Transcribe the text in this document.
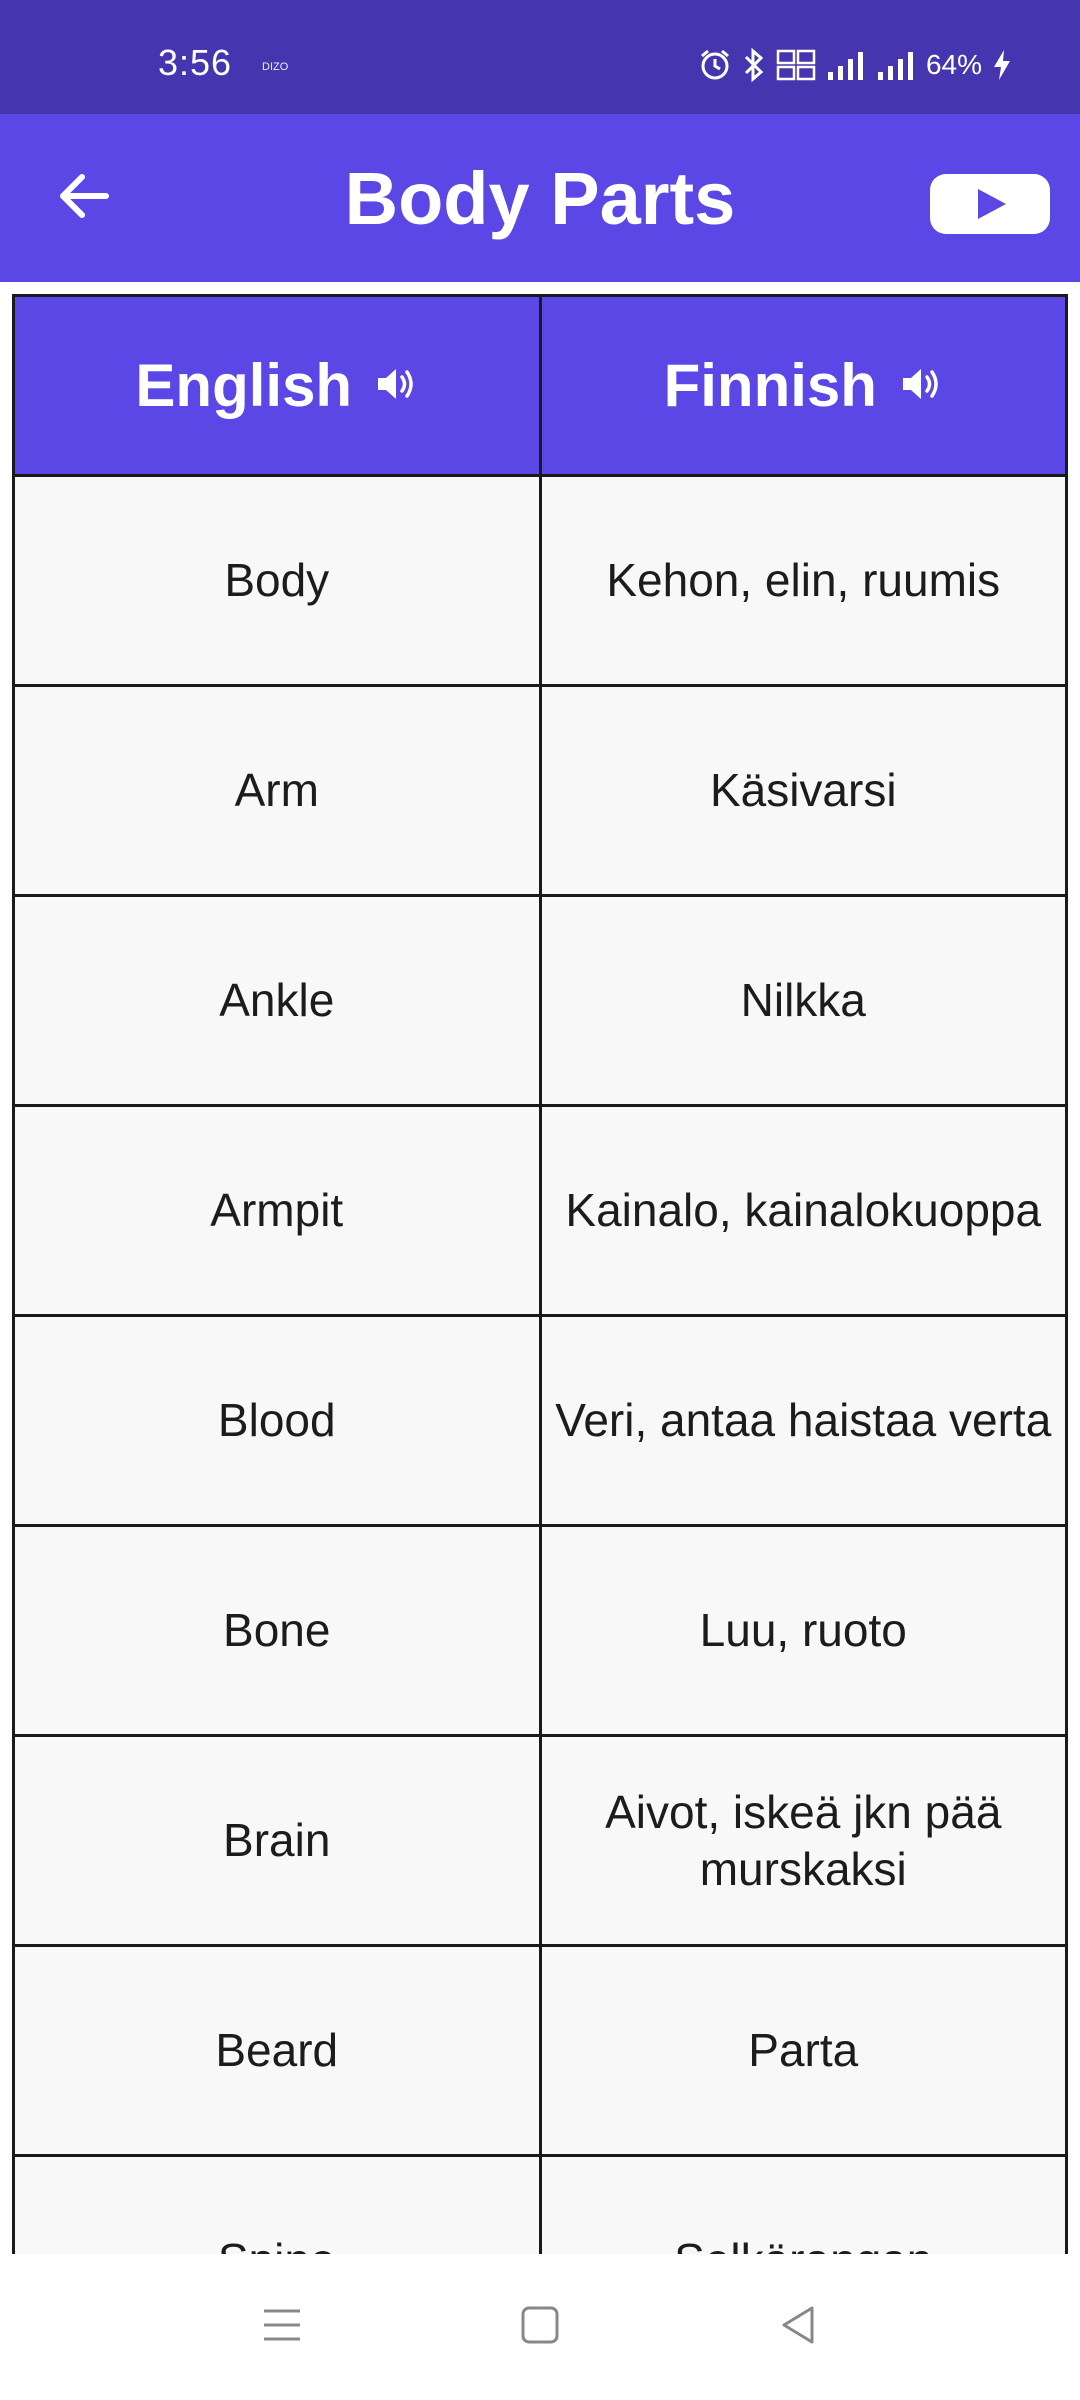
3:56	DIZO	64%
Body Parts
English	Finnish

Body	Kehon, elin, ruumis
Arm	Käsivarsi
Ankle	Nilkka
Armpit	Kainalo, kainalokuoppa
Blood	Veri, antaa haistaa verta
Bone	Luu, ruoto
Brain	Aivot, iskeä jkn pää murskaksi
Beard	Parta
